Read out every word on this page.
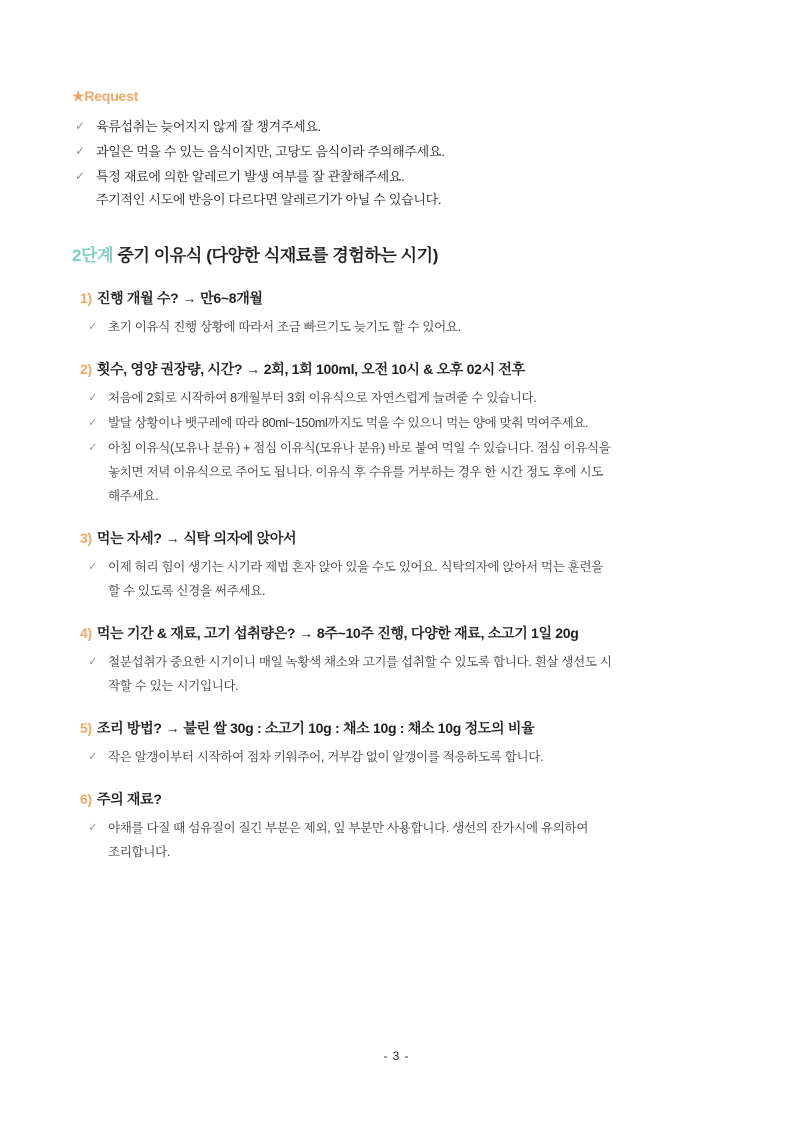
★Request
✓ 육류섭취는 늦어지지 않게 잘 챙겨주세요.
✓ 과일은 먹을 수 있는 음식이지만, 고당도 음식이라 주의해주세요.
✓ 특정 재료에 의한 알레르기 발생 여부를 잘 관찰해주세요.
주기적인 시도에 반응이 다르다면 알레르기가 아닐 수 있습니다.
2단계 중기 이유식 (다양한 식재료를 경험하는 시기)
1) 진행 개월 수? → 만6~8개월
✓ 초기 이유식 진행 상황에 따라서 조금 빠르기도 늦기도 할 수 있어요.
2) 횟수, 영양 권장량, 시간? → 2회, 1회 100ml, 오전 10시 & 오후 02시 전후
✓ 처음에 2회로 시작하여 8개월부터 3회 이유식으로 자연스럽게 늘려줄 수 있습니다.
✓ 발달 상황이나 뱃구레에 따라 80ml~150ml까지도 먹을 수 있으니 먹는 양에 맞춰 먹여주세요.
✓ 아침 이유식(모유나 분유) + 점심 이유식(모유나 분유) 바로 붙여 먹일 수 있습니다. 점심 이유식을
놓치면 저녁 이유식으로 주어도 됩니다. 이유식 후 수유를 거부하는 경우 한 시간 정도 후에 시도
해주세요.
3) 먹는 자세? → 식탁 의자에 앉아서
✓ 이제 허리 힘이 생기는 시기라 제법 혼자 앉아 있을 수도 있어요. 식탁의자에 앉아서 먹는 훈련을
할 수 있도록 신경을 써주세요.
4) 먹는 기간 & 재료, 고기 섭취량은? → 8주~10주 진행, 다양한 재료, 소고기 1일 20g
✓ 철분섭취가 중요한 시기이니 매일 녹황색 채소와 고기를 섭취할 수 있도록 합니다. 흰살 생선도 시
작할 수 있는 시기입니다.
5) 조리 방법? → 불린 쌀 30g : 소고기 10g : 채소 10g : 채소 10g 정도의 비율
✓ 작은 알갱이부터 시작하여 점차 키워주어, 거부감 없이 알갱이를 적응하도록 합니다.
6) 주의 재료?
✓ 야채를 다질 때 섬유질이 질긴 부분은 제외, 잎 부분만 사용합니다. 생선의 잔가시에 유의하여
조리합니다.
- 3 -
